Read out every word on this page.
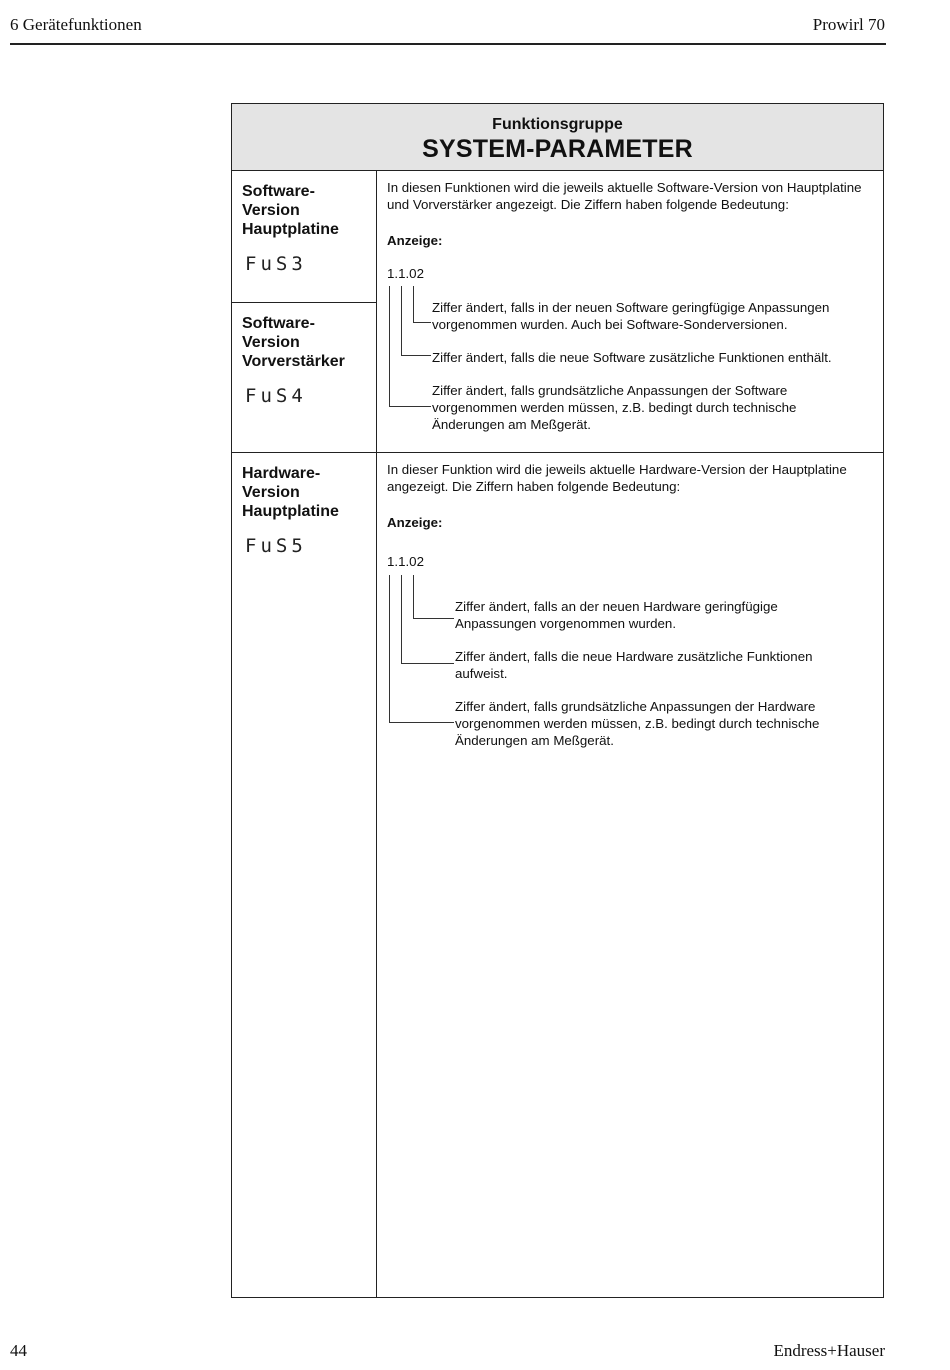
6 Gerätefunktionen	Prowirl 70
Funktionsgruppe
SYSTEM-PARAMETER
Software-
Version
Hauptplatine
FuS3
Software-
Version
Vorverstärker
FuS4
Hardware-
Version
Hauptplatine
FuS5
In diesen Funktionen wird die jeweils aktuelle Software-Version von Hauptplatine
und Vorverstärker angezeigt. Die Ziffern haben folgende Bedeutung:
Anzeige:
1.1.02
Ziffer ändert, falls in der neuen Software geringfügige Anpassungen
vorgenommen wurden. Auch bei Software-Sonderversionen.
Ziffer ändert, falls die neue Software zusätzliche Funktionen enthält.
Ziffer ändert, falls grundsätzliche Anpassungen der Software
vorgenommen werden müssen, z.B. bedingt durch technische
Änderungen am Meßgerät.
In dieser Funktion wird die jeweils aktuelle Hardware-Version der Hauptplatine
angezeigt. Die Ziffern haben folgende Bedeutung:
Anzeige:
1.1.02
Ziffer ändert, falls an der neuen Hardware geringfügige
Anpassungen vorgenommen wurden.
Ziffer ändert, falls die neue Hardware zusätzliche Funktionen
aufweist.
Ziffer ändert, falls grundsätzliche Anpassungen der Hardware
vorgenommen werden müssen, z.B. bedingt durch technische
Änderungen am Meßgerät.
44	Endress+Hauser
